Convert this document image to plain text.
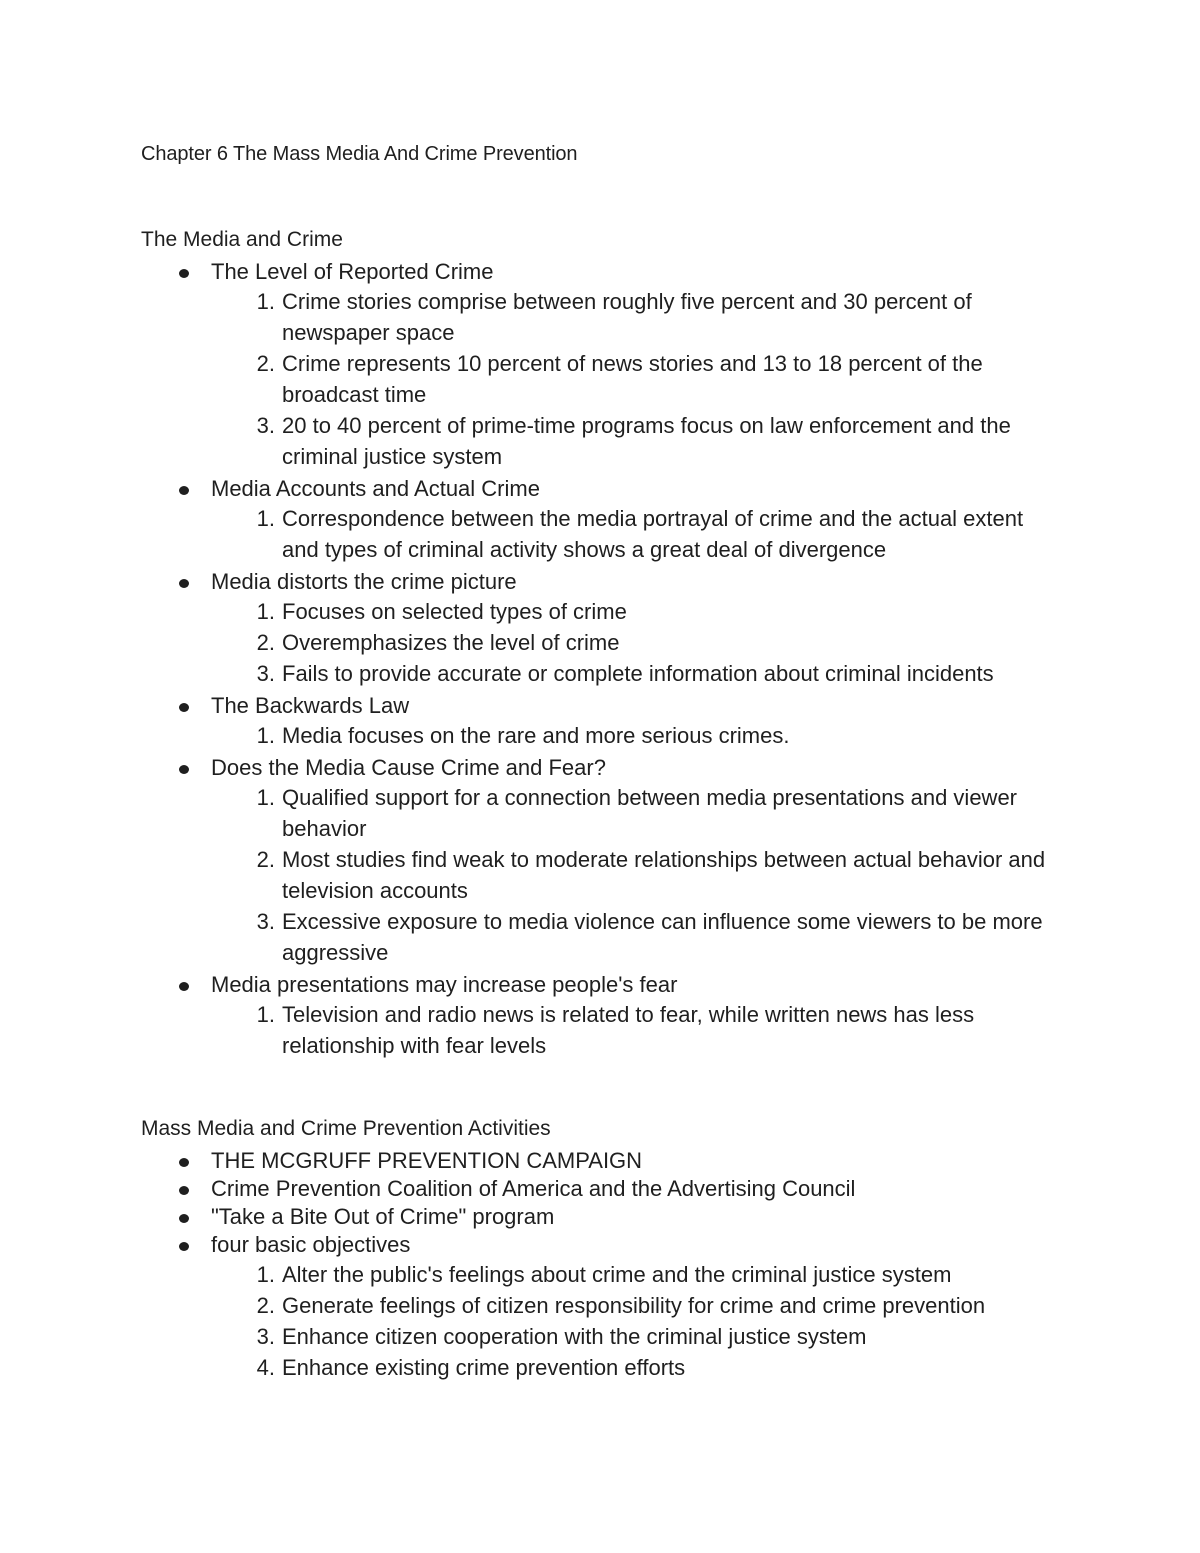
Chapter 6 The Mass Media And Crime Prevention
The Media and Crime
The Level of Reported Crime
1. Crime stories comprise between roughly five percent and 30 percent of newspaper space
2. Crime represents 10 percent of news stories and 13 to 18 percent of the broadcast time
3. 20 to 40 percent of prime-time programs focus on law enforcement and the criminal justice system
Media Accounts and Actual Crime
1. Correspondence between the media portrayal of crime and the actual extent and types of criminal activity shows a great deal of divergence
Media distorts the crime picture
1. Focuses on selected types of crime
2. Overemphasizes the level of crime
3. Fails to provide accurate or complete information about criminal incidents
The Backwards Law
1. Media focuses on the rare and more serious crimes.
Does the Media Cause Crime and Fear?
1. Qualified support for a connection between media presentations and viewer behavior
2. Most studies find weak to moderate relationships between actual behavior and television accounts
3. Excessive exposure to media violence can influence some viewers to be more aggressive
Media presentations may increase people's fear
1. Television and radio news is related to fear, while written news has less relationship with fear levels
Mass Media and Crime Prevention Activities
THE MCGRUFF PREVENTION CAMPAIGN
Crime Prevention Coalition of America and the Advertising Council
"Take a Bite Out of Crime" program
four basic objectives
1. Alter the public's feelings about crime and the criminal justice system
2. Generate feelings of citizen responsibility for crime and crime prevention
3. Enhance citizen cooperation with the criminal justice system
4. Enhance existing crime prevention efforts
